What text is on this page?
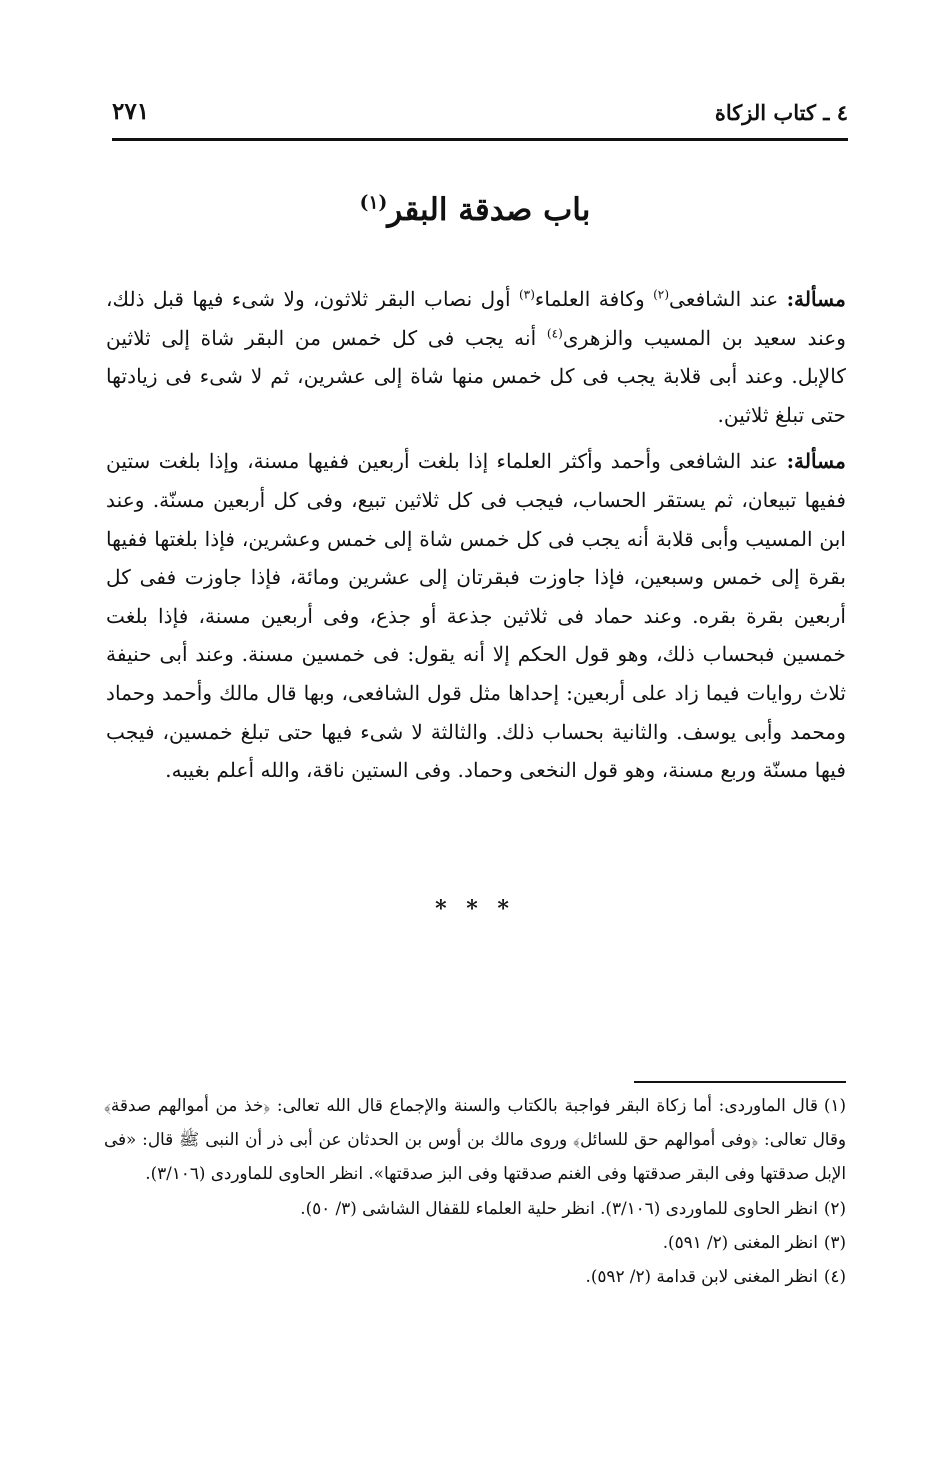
٤ ـ كتاب الزكاة
٢٧١
باب صدقة البقر$^{(١)}$

مسألة: عند الشافعى$^{(٢)}$ وكافة العلماء$^{(٣)}$ أول نصاب البقر ثلاثون، ولا شىء فيها قبل ذلك، وعند سعيد بن المسيب والزهرى$^{(٤)}$ أنه يجب فى كل خمس من البقر شاة إلى ثلاثين كالإبل. وعند أبى قلابة يجب فى كل خمس منها شاة إلى عشرين، ثم لا شىء فى زيادتها حتى تبلغ ثلاثين.

مسألة: عند الشافعى وأحمد وأكثر العلماء إذا بلغت أربعين ففيها مسنة، وإذا بلغت ستين ففيها تبيعان، ثم يستقر الحساب، فيجب فى كل ثلاثين تبيع، وفى كل أربعين مسنّة. وعند ابن المسيب وأبى قلابة أنه يجب فى كل خمس شاة إلى خمس وعشرين، فإذا بلغتها ففيها بقرة إلى خمس وسبعين، فإذا جاوزت فبقرتان إلى عشرين ومائة، فإذا جاوزت ففى كل أربعين بقرة بقره. وعند حماد فى ثلاثين جذعة أو جذع، وفى أربعين مسنة، فإذا بلغت خمسين فبحساب ذلك، وهو قول الحكم إلا أنه يقول: فى خمسين مسنة. وعند أبى حنيفة ثلاث روايات فيما زاد على أربعين: إحداها مثل قول الشافعى، وبها قال مالك وأحمد وحماد ومحمد وأبى يوسف. والثانية بحساب ذلك. والثالثة لا شىء فيها حتى تبلغ خمسين، فيجب فيها مسنّة وربع مسنة، وهو قول النخعى وحماد. وفى الستين ناقة، والله أعلم بغيبه.

* * *

(١)قال الماوردى: أما زكاة البقر فواجبة بالكتاب والسنة والإجماع قال الله تعالى: ﴿خذ من أموالهم صدقة﴾ وقال تعالى: ﴿وفى أموالهم حق للسائل﴾ وروى مالك بن أوس بن الحدثان عن أبى ذر أن النبى ﷺ قال: «فى الإبل صدقتها وفى البقر صدقتها وفى الغنم صدقتها وفى البز صدقتها». انظر الحاوى للماوردى (٣/١٠٦).

(٢)انظر الحاوى للماوردى (٣/١٠٦). انظر حلية العلماء للقفال الشاشى (٣/ ٥٠).

(٣)انظر المغنى (٢/ ٥٩١).

(٤)انظر المغنى لابن قدامة (٢/ ٥٩٢).
